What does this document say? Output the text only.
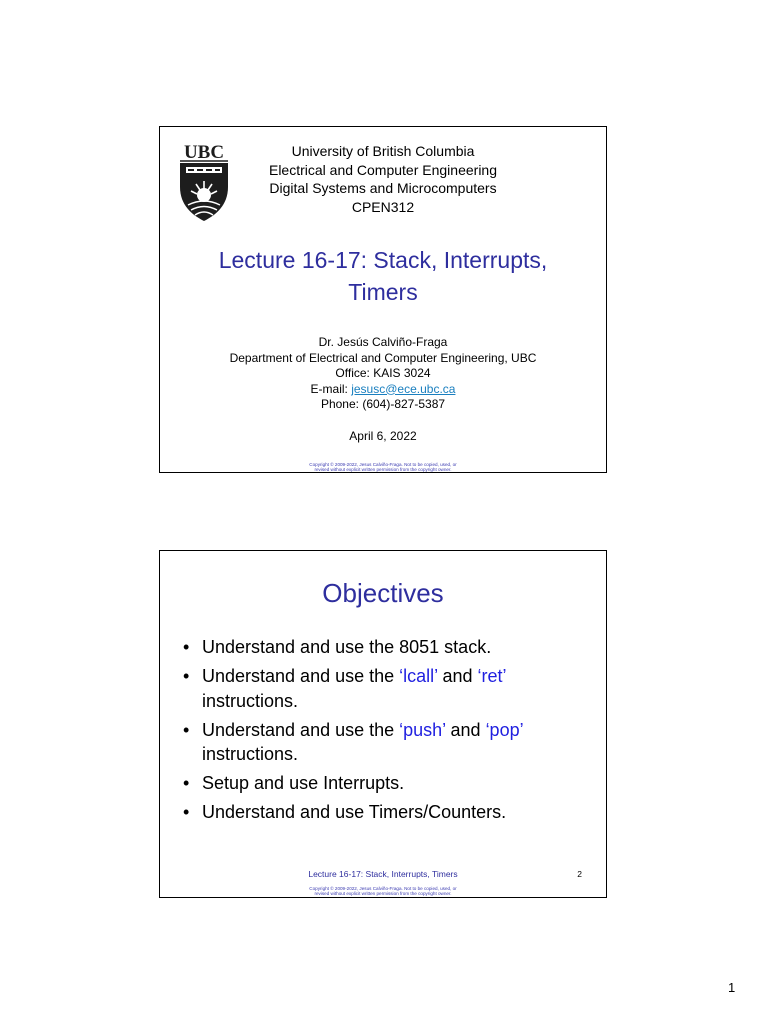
UBC	University of British Columbia
Electrical and Computer Engineering
Digital Systems and Microcomputers
CPEN312
Lecture 16-17: Stack, Interrupts,
Timers
Dr. Jesús Calviño-Fraga
Department of Electrical and Computer Engineering, UBC
Office: KAIS 3024
E-mail: jesusc@ece.ubc.ca
Phone: (604)-827-5387
April 6, 2022
Copyright © 2009-2022, Jesus Calviño-Fraga. Not to be copied, used, or
revised without explicit written permission from the copyright owner.
Objectives
• Understand and use the 8051 stack.
• Understand and use the ‘lcall’ and ‘ret’
instructions.
• Understand and use the ‘push’ and ‘pop’
instructions.
• Setup and use Interrupts.
• Understand and use Timers/Counters.
Lecture 16-17: Stack, Interrupts, Timers	2
Copyright © 2009-2022, Jesus Calviño-Fraga. Not to be copied, used, or
revised without explicit written permission from the copyright owner.
1
